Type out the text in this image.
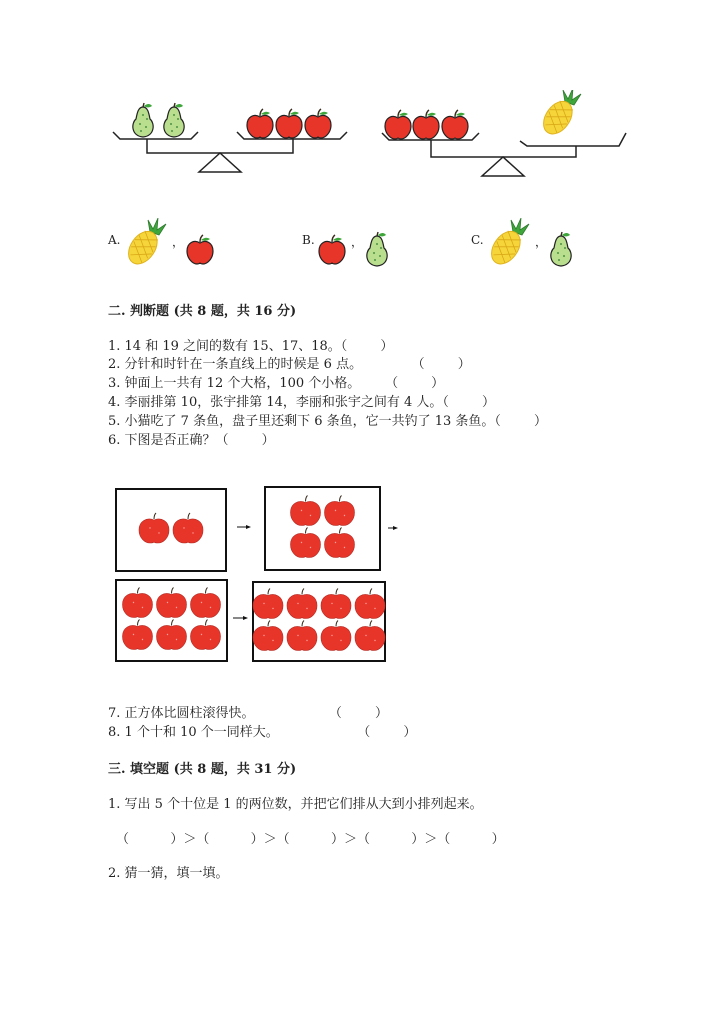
A.	，	B.	，	C.	，
二. 判断题 (共 8 题，共 16 分)
1. 14 和 19 之间的数有 15、17、18。（        ）
2. 分针和时针在一条直线上的时候是 6 点。            （        ）
3. 钟面上一共有 12 个大格，100 个小格。      （        ）
4. 李丽排第 10，张宇排第 14，李丽和张宇之间有 4 人。（        ）
5. 小猫吃了 7 条鱼，盘子里还剩下 6 条鱼，它一共钓了 13 条鱼。（        ）
6. 下图是否正确？（        ）
7. 正方体比圆柱滚得快。                  （        ）
8. 1 个十和 10 个一同样大。                   （        ）
三. 填空题 (共 8 题，共 31 分)
1. 写出 5 个十位是 1 的两位数，并把它们排从大到小排列起来。
（          ）＞（          ）＞（          ）＞（          ）＞（          ）
2. 猜一猜，填一填。
